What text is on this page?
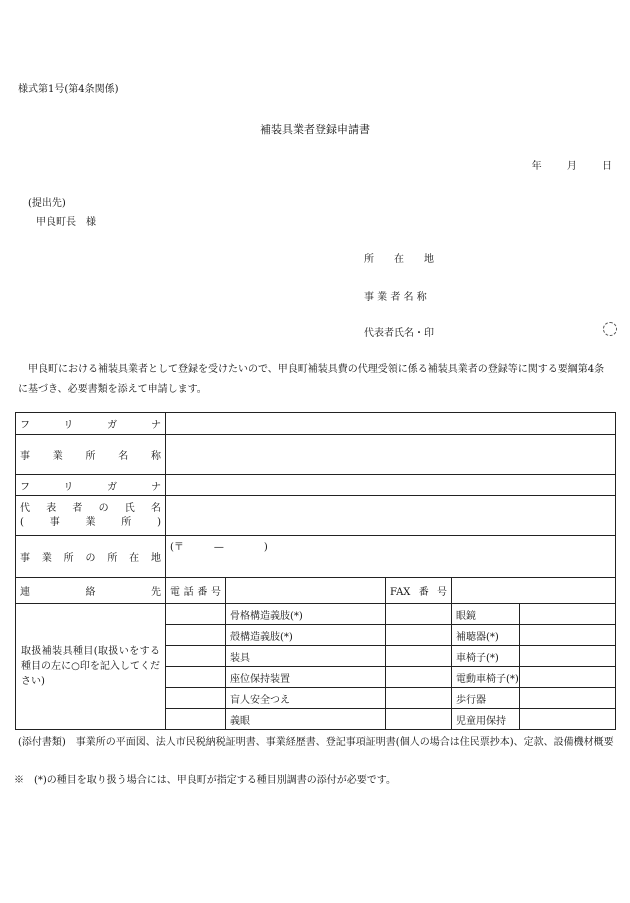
様式第1号(第4条関係)
補装具業者登録申請書
年	月	日
(提出先)
甲良町長　様
所　　在　　地
事 業 者 名 称
代表者氏名・印
甲良町における補装具業者として登録を受けたいので、甲良町補装具費の代理受領に係る補装具業者の登録等に関する要綱第4条に基づき、必要書類を添えて申請します。
フリガナ					
事業所名称					
フリガナ					

代表者の氏名
(事業所)					

事業所の所在地	(〒　　　—　　　　)				
連絡先	電話番号		FAX番号		
取扱補装具種目(取扱いをする種目の左に○印を記入してください)		骨格構造義肢(*)		眼鏡	
		殻構造義肢(*)		補聴器(*)	
		装具		車椅子(*)	
		座位保持装置		電動車椅子(*)	
		盲人安全つえ		歩行器	
		義眼		児童用保持	
(添付書類)　事業所の平面図、法人市民税納税証明書、事業経歴書、登記事項証明書(個人の場合は住民票抄本)、定款、設備機材概要
※　(*)の種目を取り扱う場合には、甲良町が指定する種目別調書の添付が必要です。
